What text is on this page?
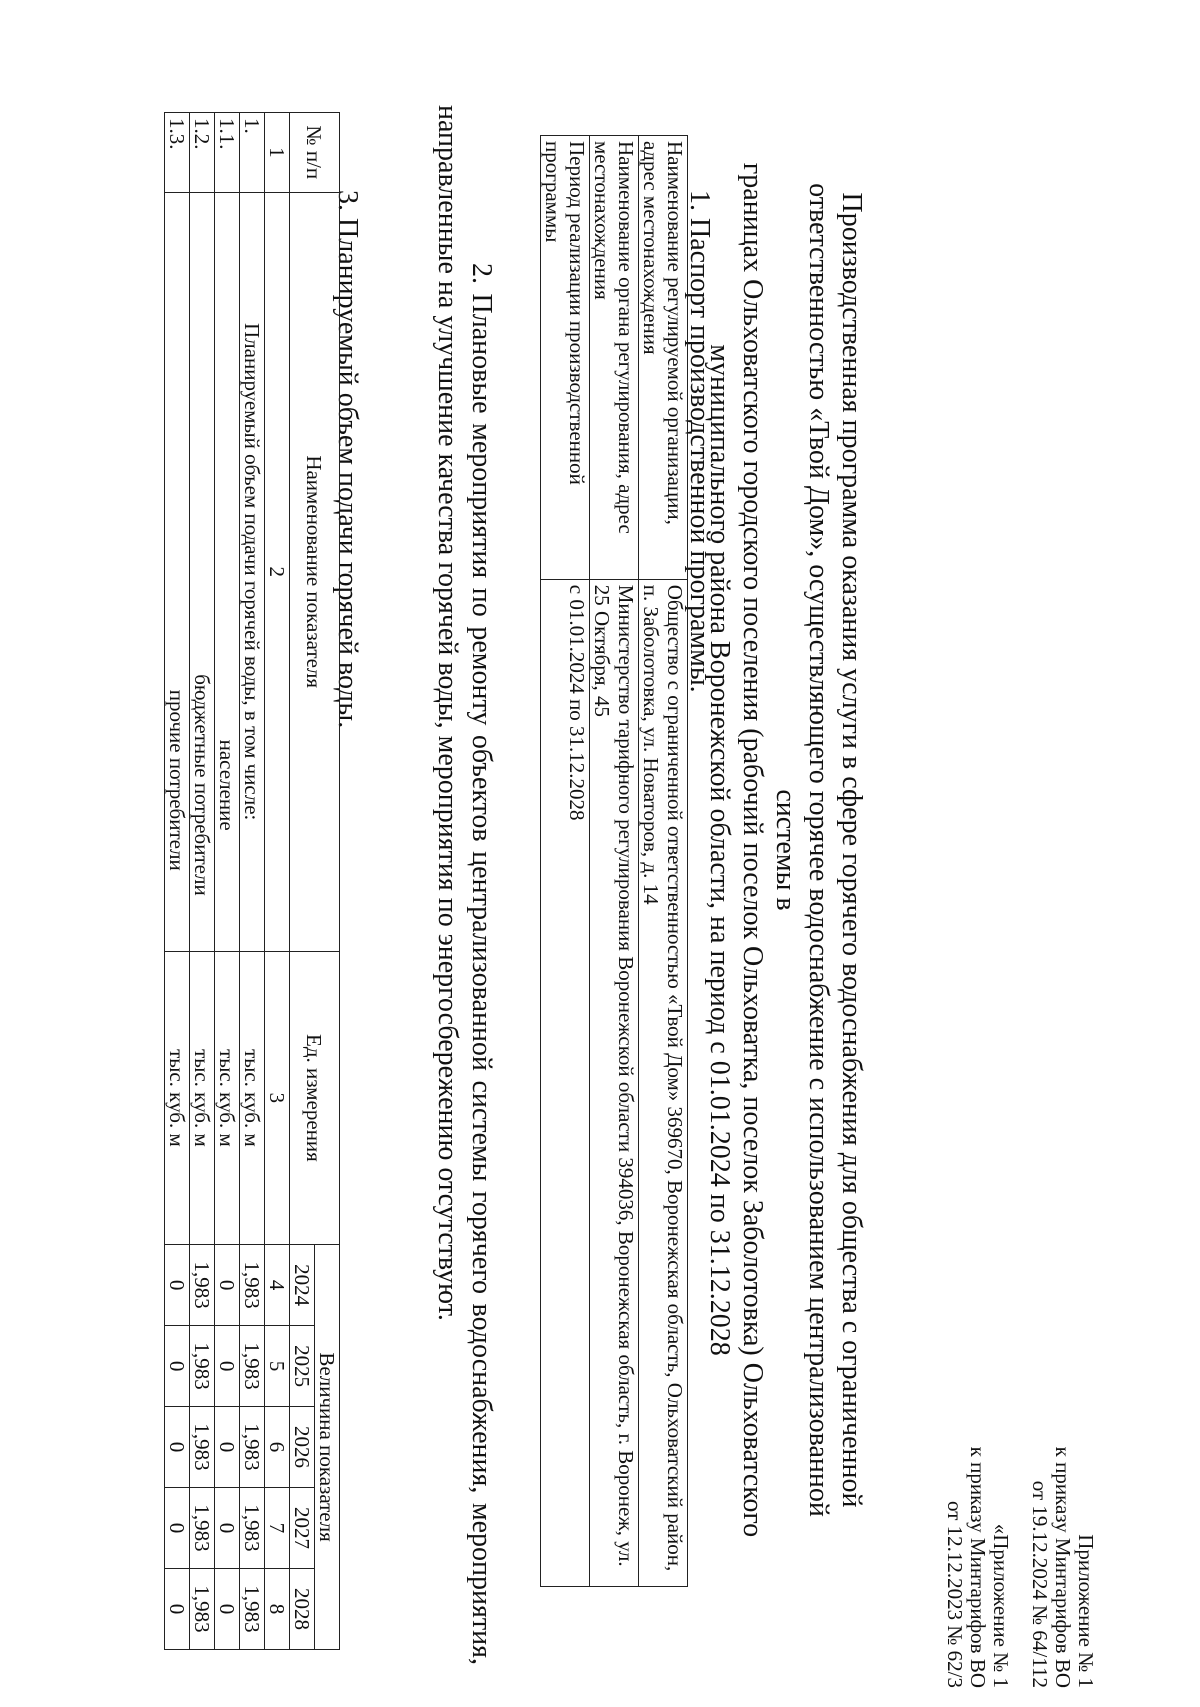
Приложение № 1
к приказу Минтарифов ВО
от 19.12.2024 № 64/112
«Приложение № 1
к приказу Минтарифов ВО
от 12.12.2023 № 62/3
Производственная программа оказания услуги в сфере горячего водоснабжения для общества с ограниченной
ответственностью «Твой Дом», осуществляющего горячее водоснабжение с использованием централизованной системы в
границах Ольховатского городского поселения (рабочий поселок Ольховатка, поселок Заболотовка) Ольховатского
муниципального района Воронежской области, на период с 01.01.2024 по 31.12.2028
1. Паспорт производственной программы.
Наименование регулируемой организации, адрес местонахождения	Общество с ограниченной ответственностью «Твой Дом» 369670, Воронежская область, Ольховатский район, п. Заболотовка, ул. Новаторов, д. 14
Наименование органа регулирования, адрес местонахождения	Министерство тарифного регулирования Воронежской области 394036, Воронежская область, г. Воронеж, ул. 25 Октября, 45
Период реализации производственной программы	с 01.01.2024 по 31.12.2028
2. Плановые мероприятия по ремонту объектов централизованной системы горячего водоснабжения, мероприятия, направленные на улучшение качества горячей воды, мероприятия по энергосбережению отсутствуют.
3. Планируемый объем подачи горячей воды.
№ п/п	Наименование показателя	Ед. измерения	Величина показателя				
			2024	2025	2026	2027	2028
1	2	3	4	5	6	7	8
1.	Планируемый объем подачи горячей воды, в том числе:	тыс. куб. м	1,983	1,983	1,983	1,983	1,983
1.1.	население	тыс. куб. м	0	0	0	0	0
1.2.	бюджетные потребители	тыс. куб. м	1,983	1,983	1,983	1,983	1,983
1.3.	прочие потребители	тыс. куб. м	0	0	0	0	0
